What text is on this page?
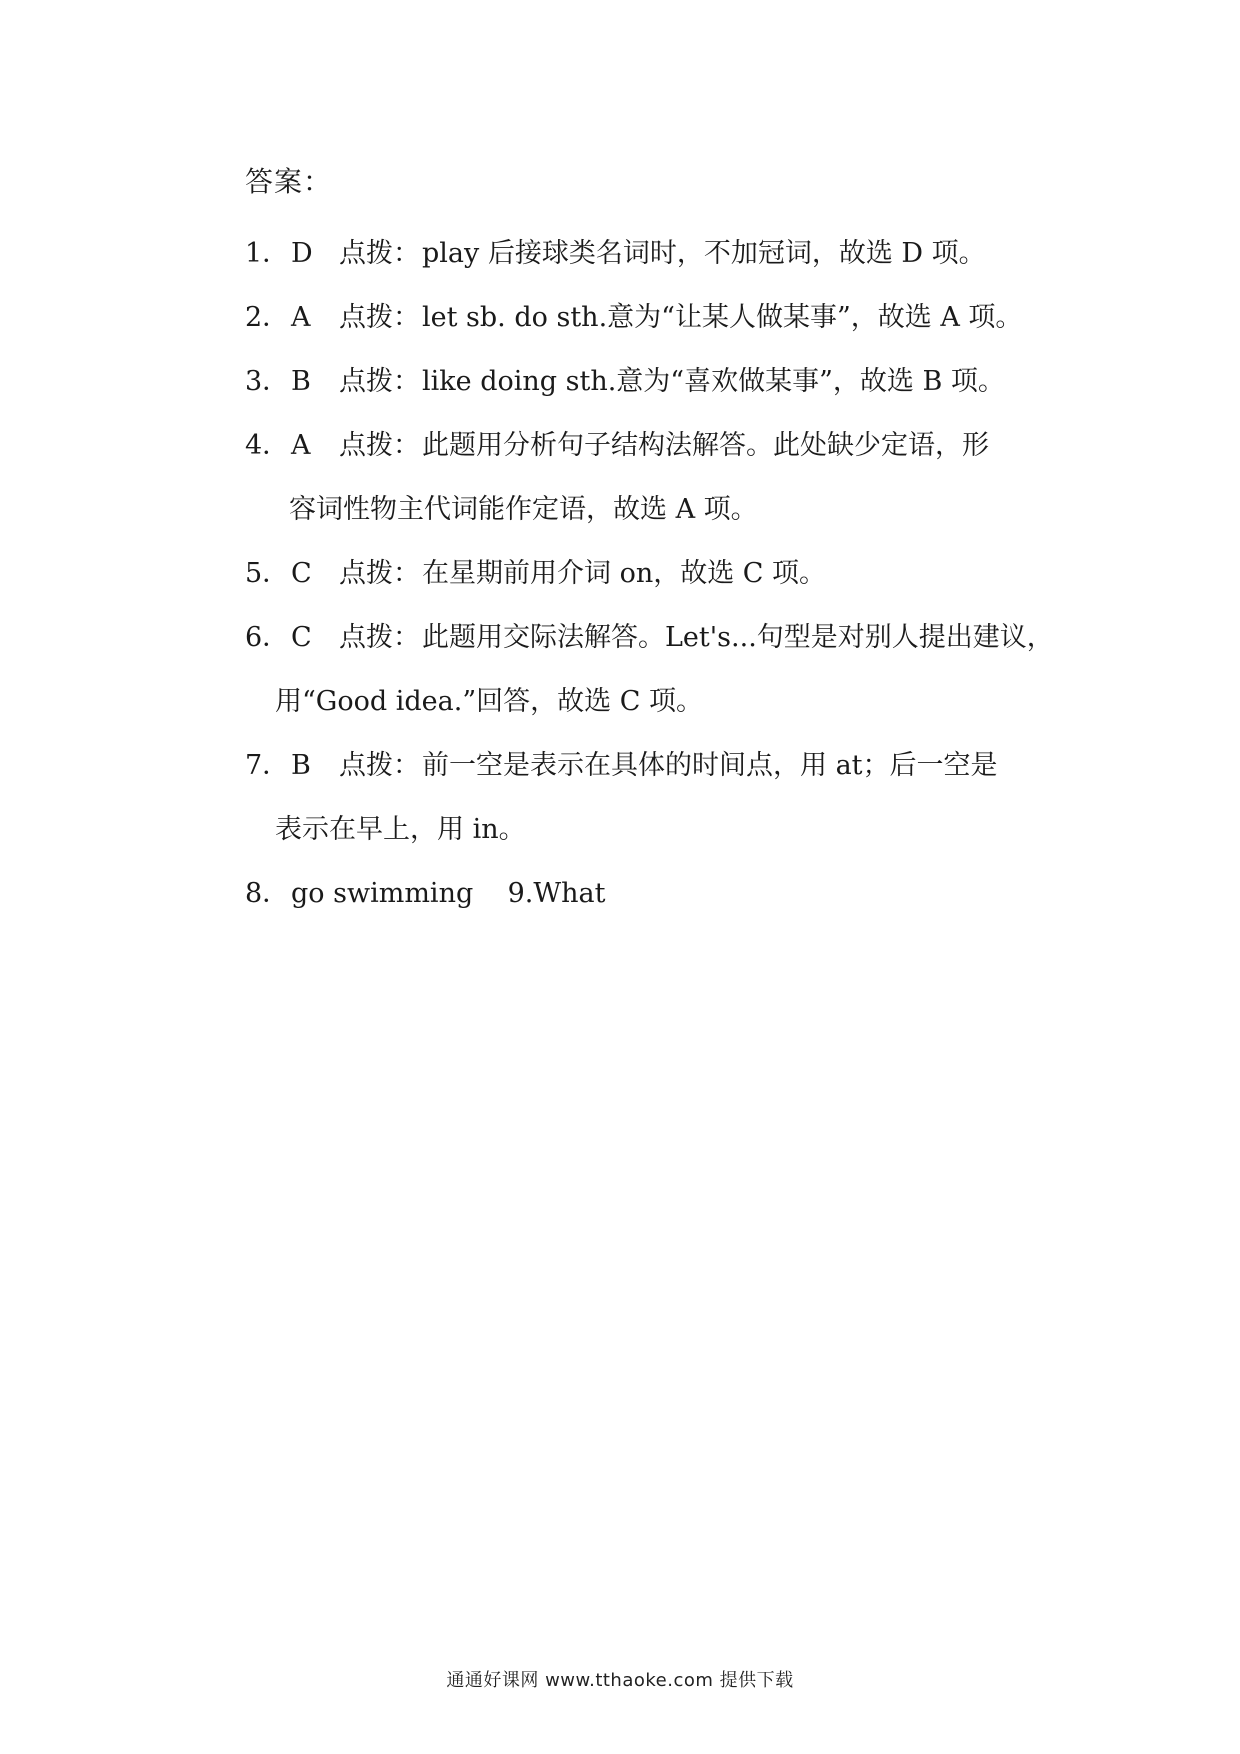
答案：
1．D 点拨：play 后接球类名词时，不加冠词，故选 D 项。
2．A 点拨：let sb. do sth.意为“让某人做某事”，故选 A 项。
3．B 点拨：like doing sth.意为“喜欢做某事”，故选 B 项。
4．A 点拨：此题用分析句子结构法解答。此处缺少定语，形
容词性物主代词能作定语，故选 A 项。
5．C 点拨：在星期前用介词 on，故选 C 项。
6．C 点拨：此题用交际法解答。Let's...句型是对别人提出建议，
用“Good idea.”回答，故选 C 项。
7．B 点拨：前一空是表示在具体的时间点，用 at；后一空是
表示在早上，用 in。
8．go swimming    9.What
通通好课网 www.tthaoke.com 提供下载
